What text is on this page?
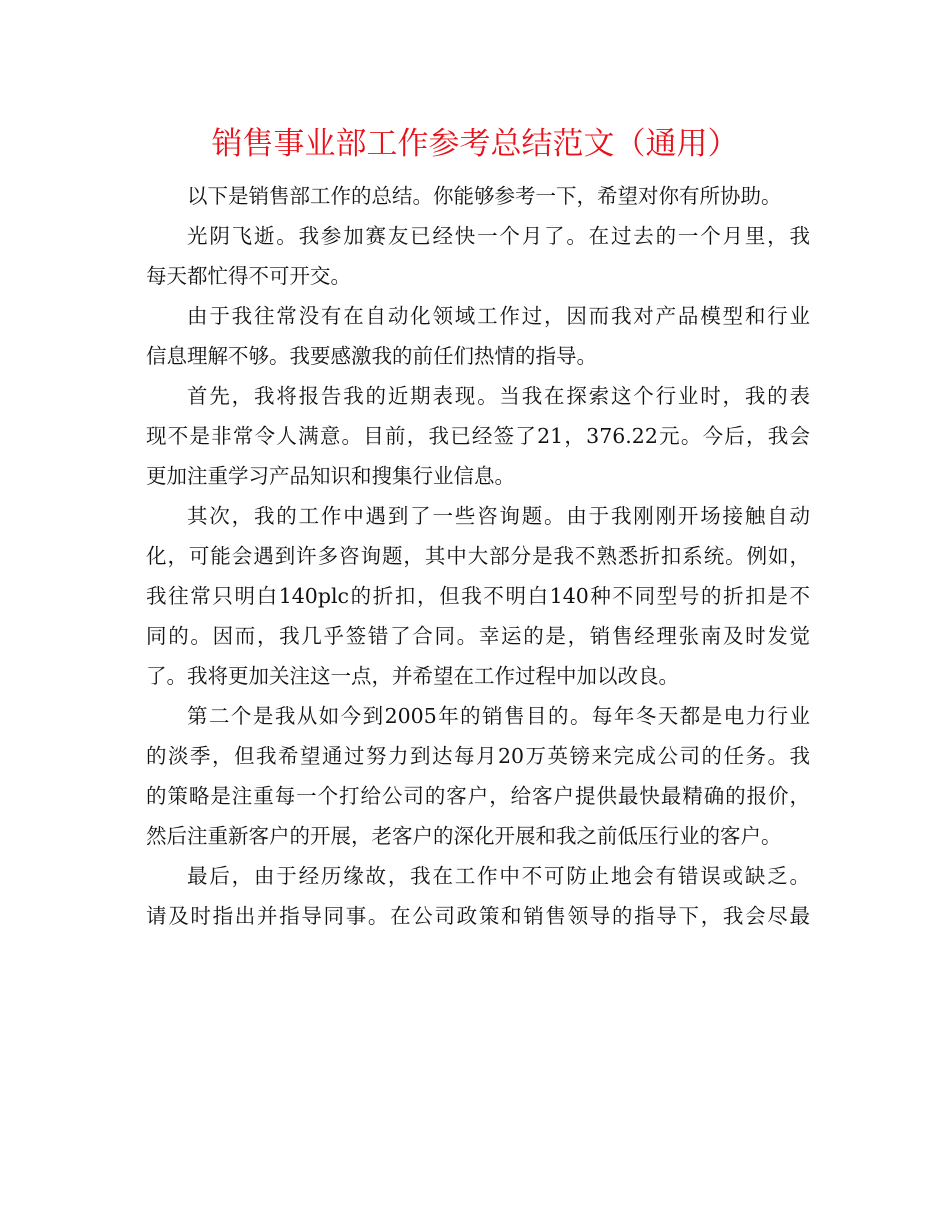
销售事业部工作参考总结范文（通用）

以下是销售部工作的总结。你能够参考一下，希望对你有所协助。

光阴飞逝。我参加赛友已经快一个月了。在过去的一个月里，我
每天都忙得不可开交。

由于我往常没有在自动化领域工作过，因而我对产品模型和行业
信息理解不够。我要感激我的前任们热情的指导。

首先，我将报告我的近期表现。当我在探索这个行业时，我的表
现不是非常令人满意。目前，我已经签了21，376.22元。今后，我会
更加注重学习产品知识和搜集行业信息。

其次，我的工作中遇到了一些咨询题。由于我刚刚开场接触自动
化，可能会遇到许多咨询题，其中大部分是我不熟悉折扣系统。例如，
我往常只明白140plc的折扣，但我不明白140种不同型号的折扣是不
同的。因而，我几乎签错了合同。幸运的是，销售经理张南及时发觉
了。我将更加关注这一点，并希望在工作过程中加以改良。

第二个是我从如今到2005年的销售目的。每年冬天都是电力行业
的淡季，但我希望通过努力到达每月20万英镑来完成公司的任务。我
的策略是注重每一个打给公司的客户，给客户提供最快最精确的报价，
然后注重新客户的开展，老客户的深化开展和我之前低压行业的客户。

最后，由于经历缘故，我在工作中不可防止地会有错误或缺乏。
请及时指出并指导同事。在公司政策和销售领导的指导下，我会尽最
